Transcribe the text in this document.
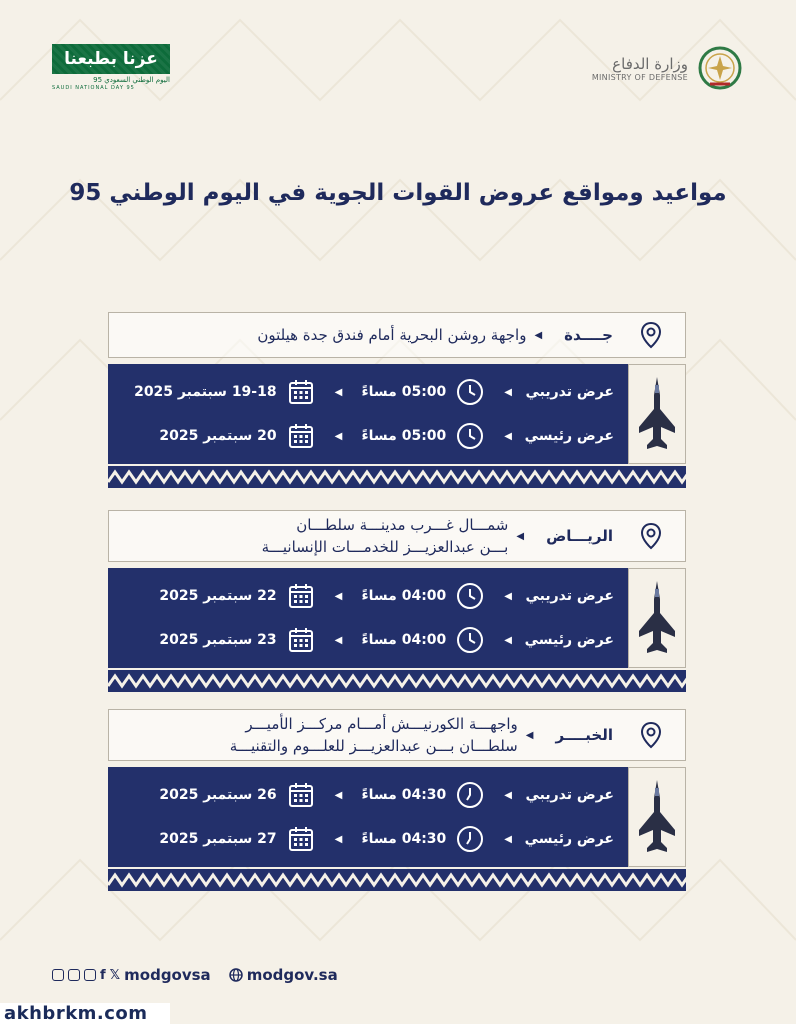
عزنا بطبعنا
اليوم الوطني السعودي 95
SAUDI NATIONAL DAY 95
وزارة الدفاع
MINISTRY OF DEFENSE
مواعيد ومواقع عروض القوات الجوية في اليوم الوطني 95
جــــدة
◀
واجهة روشن البحرية أمام فندق جدة هيلتون
عرض تدريبي
◀
05:00 مساءً
◀
19-18 سبتمبر 2025
عرض رئيسي
◀
05:00 مساءً
◀
20 سبتمبر 2025
الريـــاض
◀
شمـــال غـــرب مدينـــة سلطـــان
بـــن عبدالعزيـــز للخدمـــات الإنسانيـــة
عرض تدريبي
◀
04:00 مساءً
◀
22 سبتمبر 2025
عرض رئيسي
◀
04:00 مساءً
◀
23 سبتمبر 2025
الخبــــر
◀
واجهـــة الكورنيـــش أمـــام مركـــز الأميـــر
سلطـــان بـــن عبدالعزيـــز للعلـــوم والتقنيـــة
عرض تدريبي
◀
04:30 مساءً
◀
26 سبتمبر 2025
عرض رئيسي
◀
04:30 مساءً
◀
27 سبتمبر 2025
f 𝕏 modgovsa modgov.sa
akhbrkm.com
